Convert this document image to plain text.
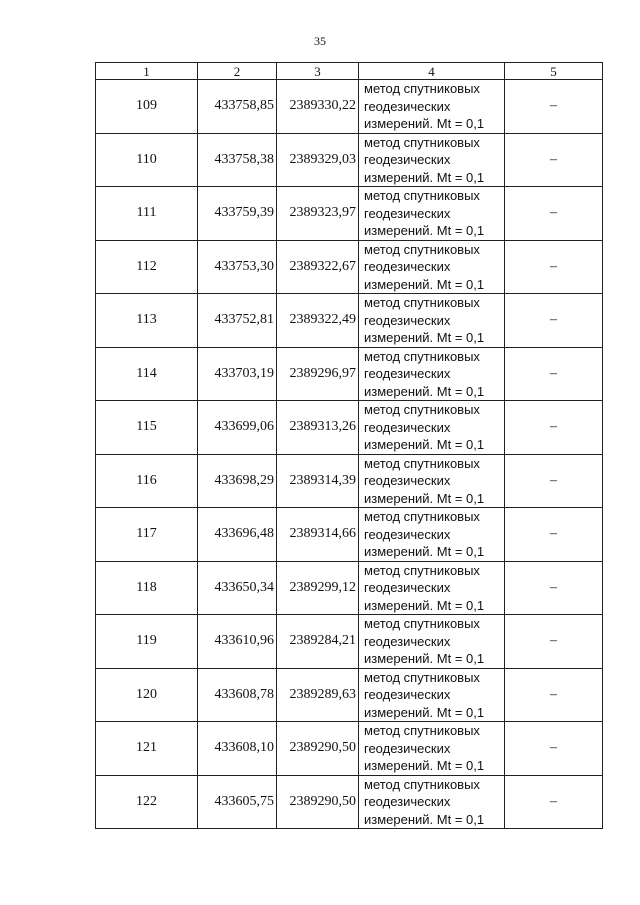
35
1	2	3	4	5
109	433758,85	2389330,22	метод спутниковых
геодезических
измерений. Mt = 0,1	–
110	433758,38	2389329,03	метод спутниковых
геодезических
измерений. Mt = 0,1	–
111	433759,39	2389323,97	метод спутниковых
геодезических
измерений. Mt = 0,1	–
112	433753,30	2389322,67	метод спутниковых
геодезических
измерений. Mt = 0,1	–
113	433752,81	2389322,49	метод спутниковых
геодезических
измерений. Mt = 0,1	–
114	433703,19	2389296,97	метод спутниковых
геодезических
измерений. Mt = 0,1	–
115	433699,06	2389313,26	метод спутниковых
геодезических
измерений. Mt = 0,1	–
116	433698,29	2389314,39	метод спутниковых
геодезических
измерений. Mt = 0,1	–
117	433696,48	2389314,66	метод спутниковых
геодезических
измерений. Mt = 0,1	–
118	433650,34	2389299,12	метод спутниковых
геодезических
измерений. Mt = 0,1	–
119	433610,96	2389284,21	метод спутниковых
геодезических
измерений. Mt = 0,1	–
120	433608,78	2389289,63	метод спутниковых
геодезических
измерений. Mt = 0,1	–
121	433608,10	2389290,50	метод спутниковых
геодезических
измерений. Mt = 0,1	–
122	433605,75	2389290,50	метод спутниковых
геодезических
измерений. Mt = 0,1	–
